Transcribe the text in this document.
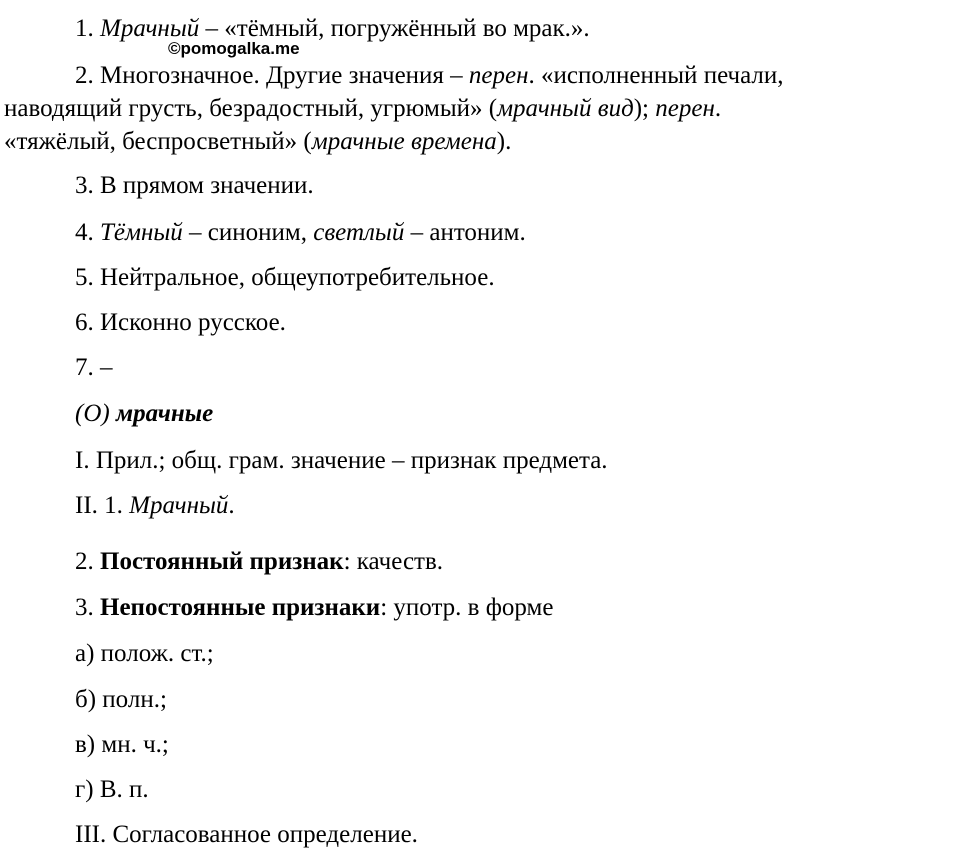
©pomogalka.me
1. Мрачный – «тёмный, погружённый во мрак.».
2. Многозначное. Другие значения – перен. «исполненный печали,
наводящий грусть, безрадостный, угрюмый» (мрачный вид); перен.
«тяжёлый, беспросветный» (мрачные времена).
3. В прямом значении.
4. Тёмный – синоним, светлый – антоним.
5. Нейтральное, общеупотребительное.
6. Исконно русское.
7. –
(О) мрачные
I. Прил.; общ. грам. значение – признак предмета.
II. 1. Мрачный.
2. Постоянный признак: качеств.
3. Непостоянные признаки: употр. в форме
а) полож. ст.;
б) полн.;
в) мн. ч.;
г) В. п.
III. Согласованное определение.
